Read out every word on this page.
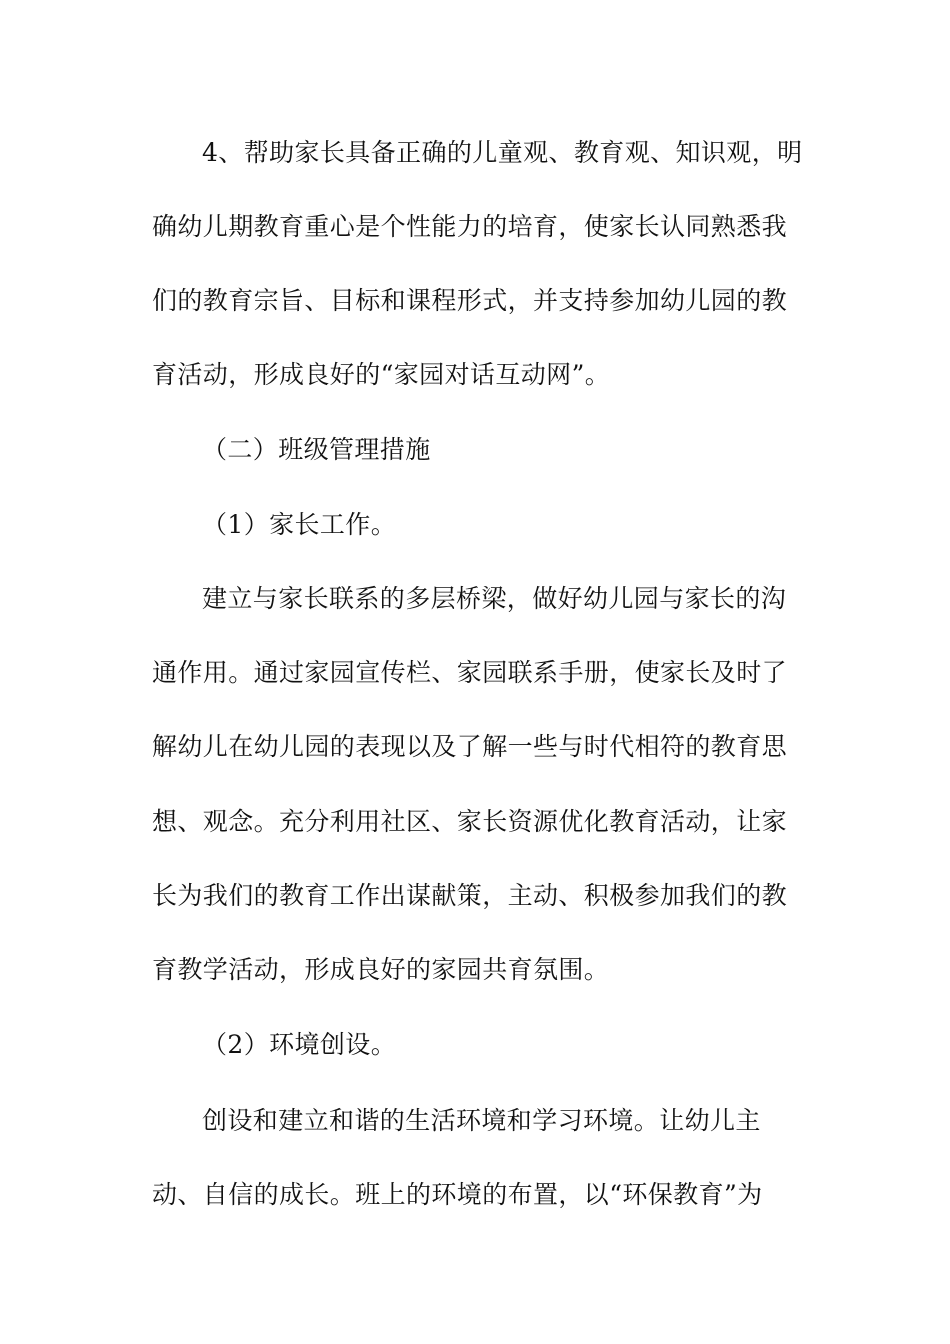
4、帮助家长具备正确的儿童观、教育观、知识观，明
确幼儿期教育重心是个性能力的培育，使家长认同熟悉我
们的教育宗旨、目标和课程形式，并支持参加幼儿园的教
育活动，形成良好的“家园对话互动网”。
（二）班级管理措施
（1）家长工作。
建立与家长联系的多层桥梁，做好幼儿园与家长的沟
通作用。通过家园宣传栏、家园联系手册，使家长及时了
解幼儿在幼儿园的表现以及了解一些与时代相符的教育思
想、观念。充分利用社区、家长资源优化教育活动，让家
长为我们的教育工作出谋献策，主动、积极参加我们的教
育教学活动，形成良好的家园共育氛围。
（2）环境创设。
创设和建立和谐的生活环境和学习环境。让幼儿主
动、自信的成长。班上的环境的布置，以“环保教育”为
